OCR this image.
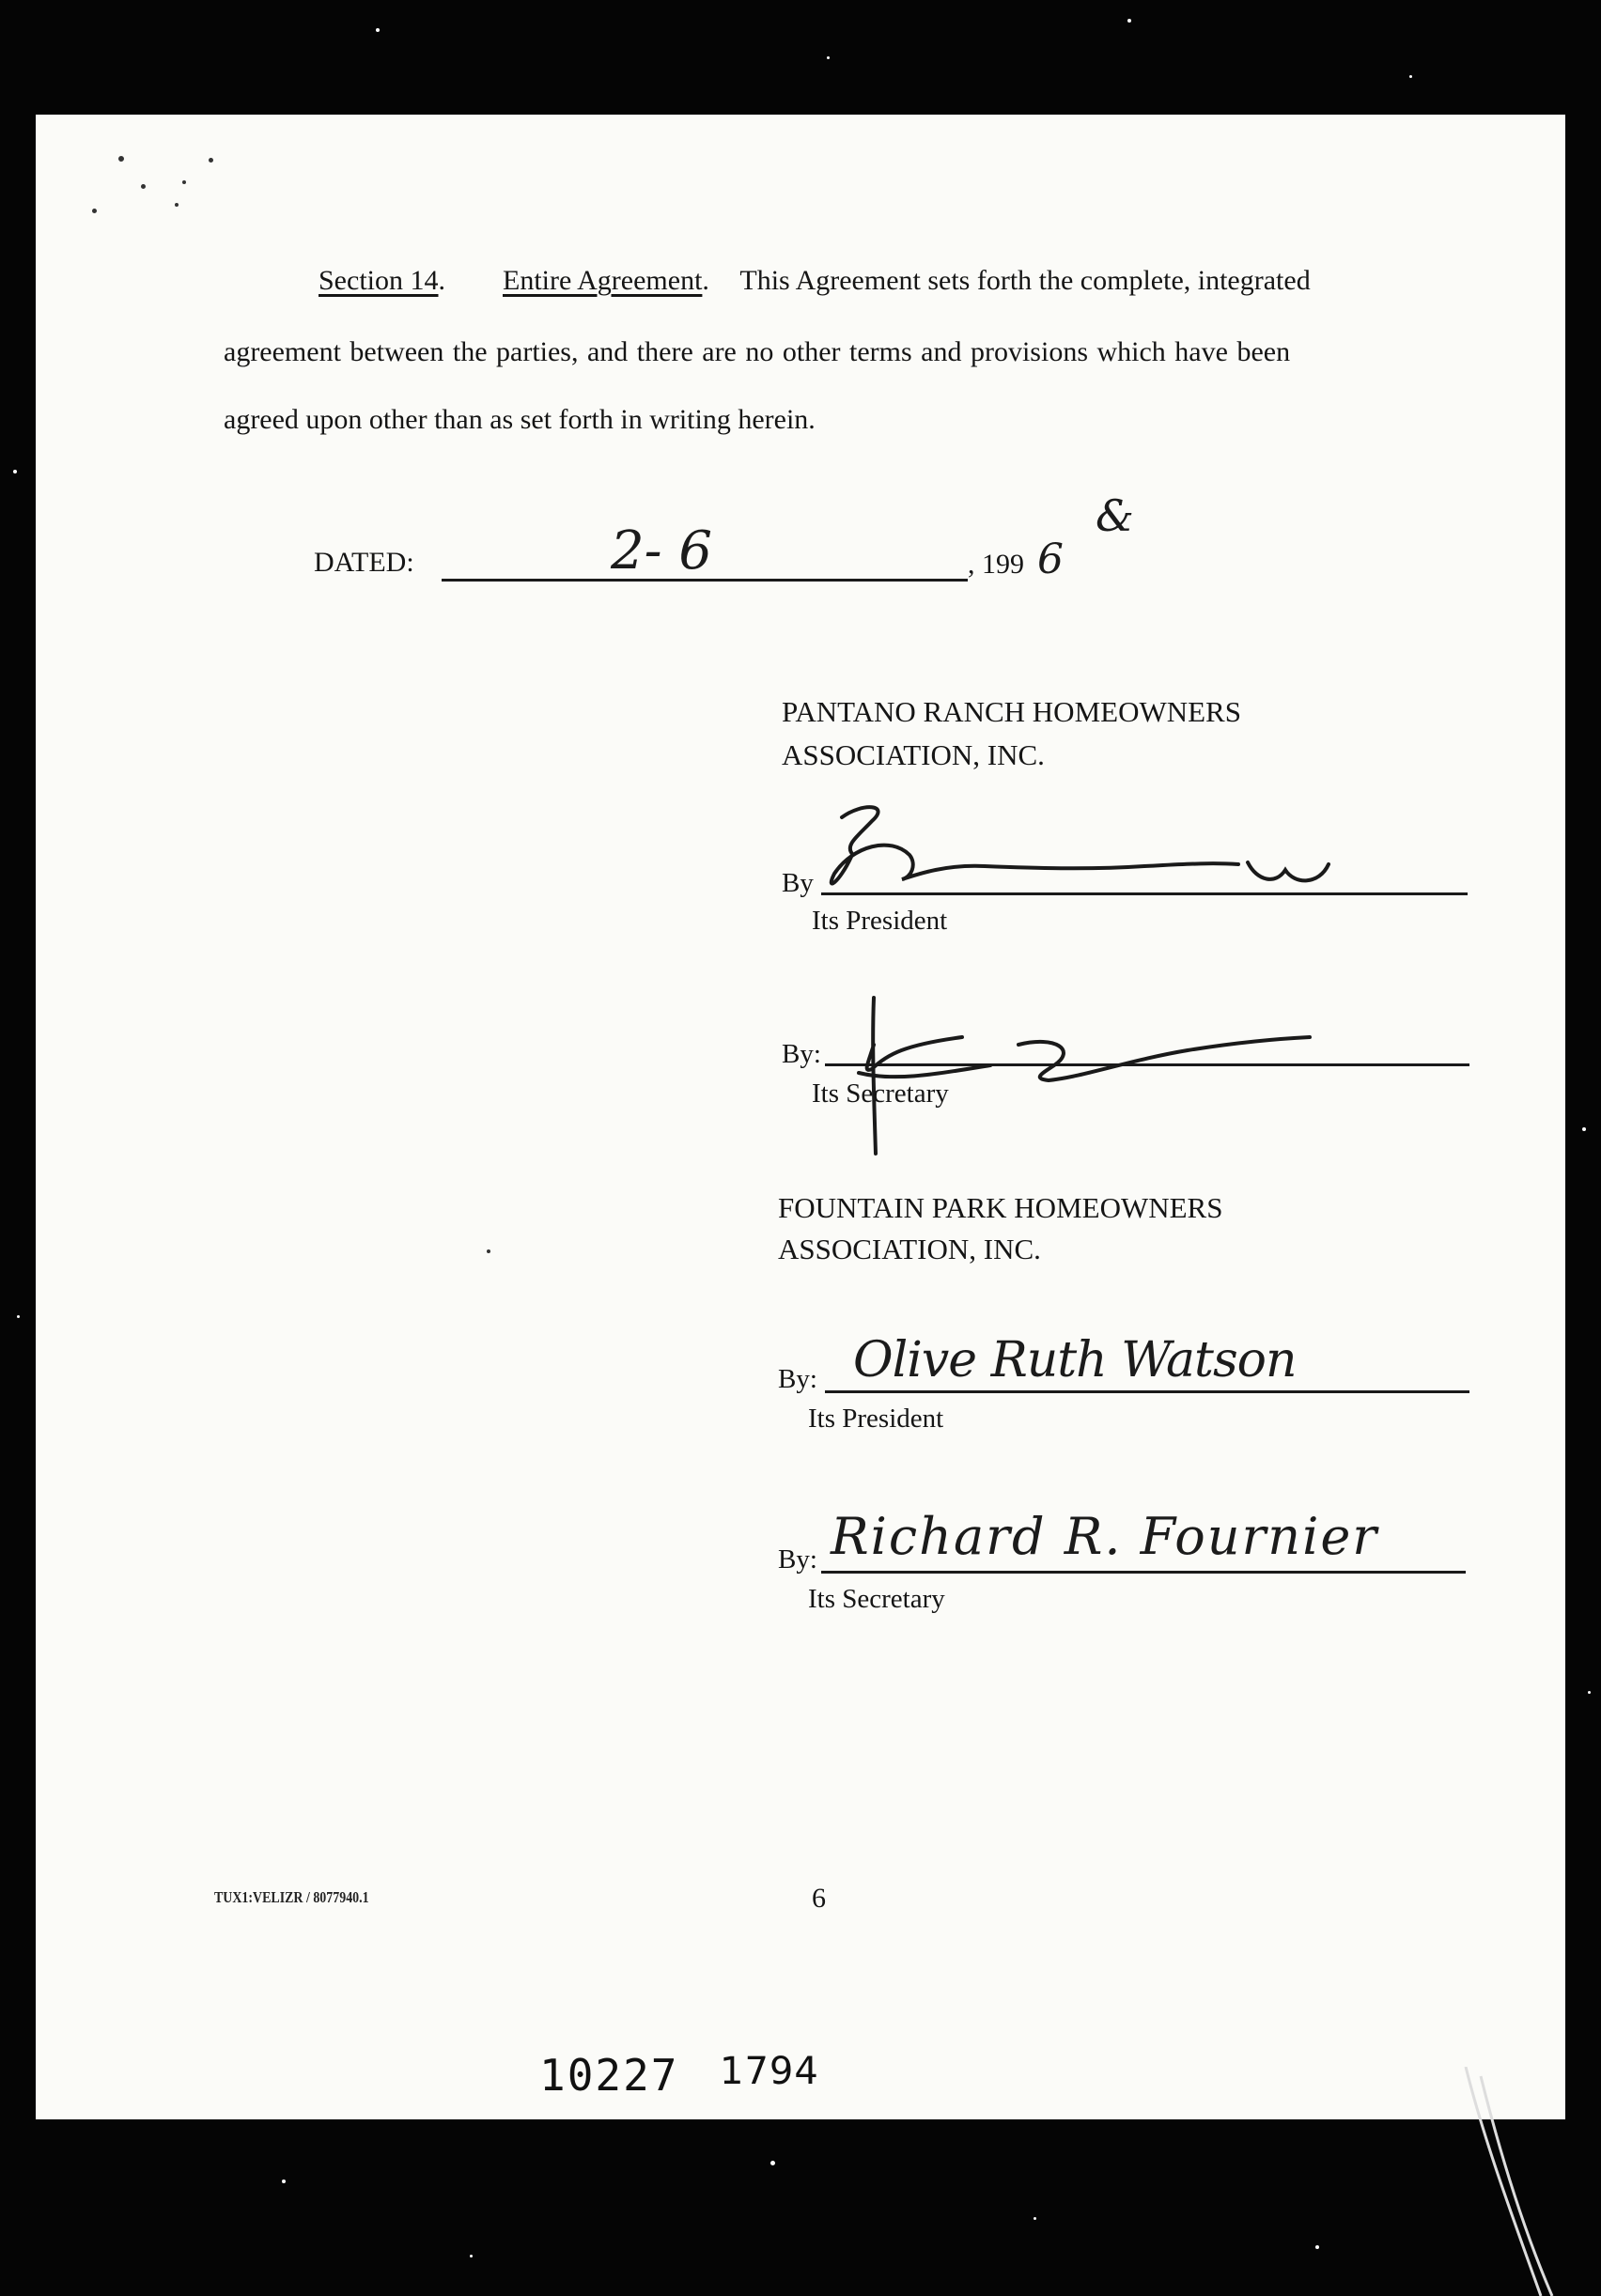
Section 14. Entire Agreement. This Agreement sets forth the complete, integrated
agreement between the parties, and there are no other terms and provisions which have been
agreed upon other than as set forth in writing herein.
DATED:	2- 6	, 199 6
&
PANTANO RANCH HOMEOWNERS
ASSOCIATION, INC.
By
Its President
By:
Its Secretary
FOUNTAIN PARK HOMEOWNERS
ASSOCIATION, INC.
By: Olive Ruth Watson
Its President
By: Richard R. Fournier
Its Secretary
TUX1:VELIZR / 8077940.1	6
10227 1794
